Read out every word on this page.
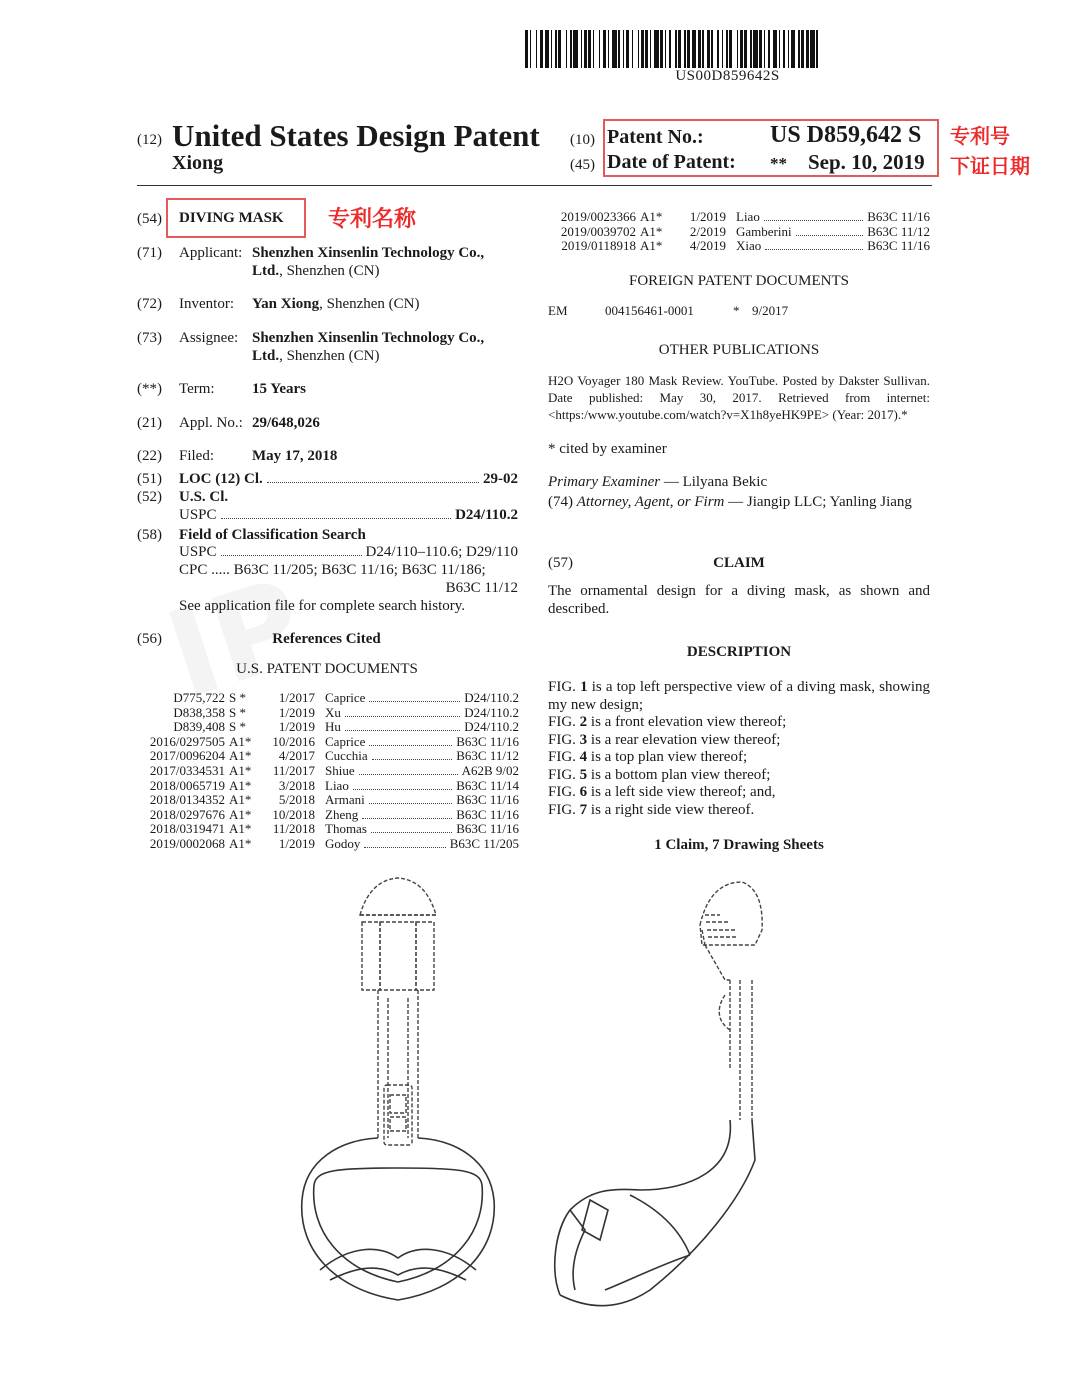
US00D859642S
(12) United States Design Patent
Xiong
(10) Patent No.:	US D859,642 S
(45) Date of Patent: ** Sep. 10, 2019
专利号
下证日期
(54) DIVING MASK 专利名称
(71) Applicant: Shenzhen Xinsenlin Technology Co.,
Ltd., Shenzhen (CN)
(72) Inventor: Yan Xiong, Shenzhen (CN)
(73) Assignee: Shenzhen Xinsenlin Technology Co.,
Ltd., Shenzhen (CN)
(**) Term: 15 Years
(21) Appl. No.: 29/648,026
(22) Filed:	May 17, 2018
(51) LOC (12) Cl.	29-02
(52) U.S. Cl.
USPC	D24/110.2
(58) Field of Classification Search
USPC	D24/110–110.6; D29/110
CPC ..... B63C 11/205; B63C 11/16; B63C 11/186;
B63C 11/12
See application file for complete search history.
(56)	References Cited
U.S. PATENT DOCUMENTS
D775,722 S *	1/2017 Caprice	D24/110.2
D838,358 S *	1/2019 Xu	D24/110.2
D839,408 S *	1/2019 Hu	D24/110.2
2016/0297505 A1*	10/2016 Caprice	B63C 11/16
2017/0096204 A1*	4/2017 Cucchia	B63C 11/12
2017/0334531 A1*	11/2017 Shiue	A62B 9/02
2018/0065719 A1*	3/2018 Liao	B63C 11/14
2018/0134352 A1*	5/2018 Armani	B63C 11/16
2018/0297676 A1*	10/2018 Zheng	B63C 11/16
2018/0319471 A1*	11/2018 Thomas	B63C 11/16
2019/0002068 A1*	1/2019 Godoy	B63C 11/205
2019/0023366 A1*	1/2019 Liao	B63C 11/16
2019/0039702 A1*	2/2019 Gamberini	B63C 11/12
2019/0118918 A1*	4/2019 Xiao	B63C 11/16
FOREIGN PATENT DOCUMENTS
EM	004156461-0001	* 9/2017
OTHER PUBLICATIONS
H2O Voyager 180 Mask Review. YouTube. Posted by Dakster Sullivan. Date published: May 30, 2017. Retrieved from internet: <https:/www.youtube.com/watch?v=X1h8yeHK9PE> (Year: 2017).*
* cited by examiner
Primary Examiner — Lilyana Bekic
(74) Attorney, Agent, or Firm — Jiangip LLC; Yanling Jiang
(57)	CLAIM
The ornamental design for a diving mask, as shown and described.
DESCRIPTION
FIG. 1 is a top left perspective view of a diving mask, showing my new design;
FIG. 2 is a front elevation view thereof;
FIG. 3 is a rear elevation view thereof;
FIG. 4 is a top plan view thereof;
FIG. 5 is a bottom plan view thereof;
FIG. 6 is a left side view thereof; and,
FIG. 7 is a right side view thereof.
1 Claim, 7 Drawing Sheets
